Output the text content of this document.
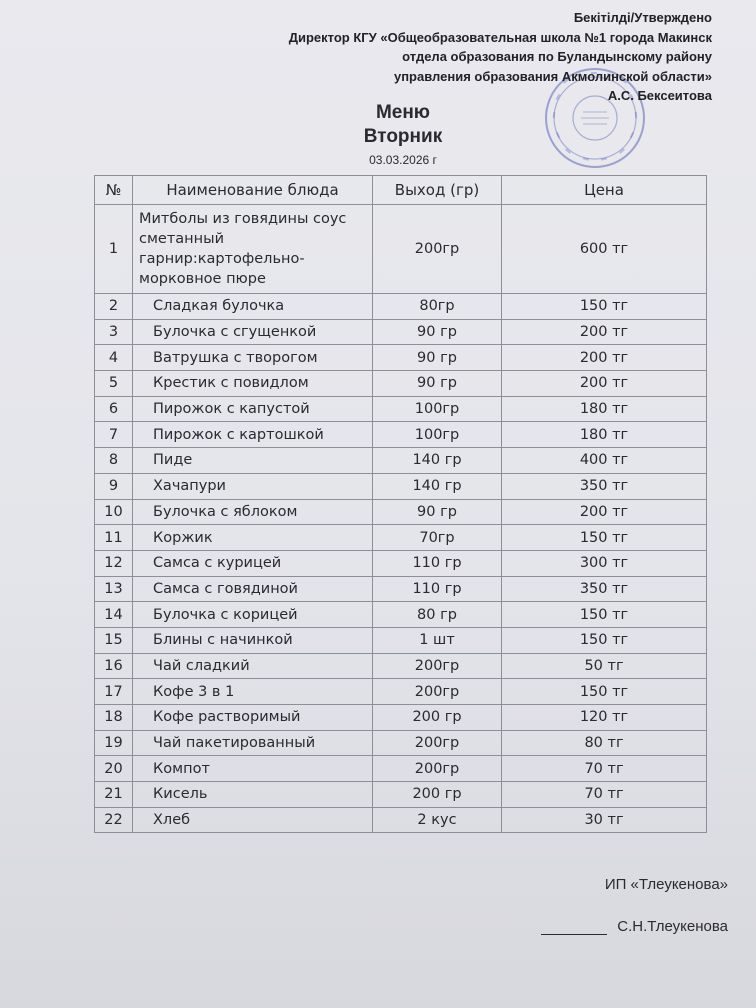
Бекітілді/Утверждено
Директор КГУ «Общеобразовательная школа №1 города Макинск
отдела образования по Буландынскому району
управления образования Акмолинской области»
А.С. Бексеитова
Меню
Вторник
03.03.2026 г
№	Наименование блюда	Выход (гр)	Цена
1	Митболы из говядины соус сметанный гарнир:картофельно-морковное пюре	200гр	600 тг
2	Сладкая булочка	80гр	150 тг
3	Булочка с сгущенкой	90 гр	200 тг
4	Ватрушка с творогом	90 гр	200 тг
5	Крестик с повидлом	90 гр	200 тг
6	Пирожок с капустой	100гр	180 тг
7	Пирожок с картошкой	100гр	180 тг
8	Пиде	140 гр	400 тг
9	Хачапури	140 гр	350 тг
10	Булочка с яблоком	90 гр	200 тг
11	Коржик	70гр	150 тг
12	Самса с курицей	110 гр	300 тг
13	Самса с говядиной	110 гр	350 тг
14	Булочка с корицей	80 гр	150 тг
15	Блины с начинкой	1 шт	150 тг
16	Чай сладкий	200гр	50 тг
17	Кофе 3 в 1	200гр	150 тг
18	Кофе растворимый	200 гр	120 тг
19	Чай пакетированный	200гр	80 тг
20	Компот	200гр	70 тг
21	Кисель	200 гр	70 тг
22	Хлеб	2 кус	30 тг
ИП «Тлеукенова»
С.Н.Тлеукенова
